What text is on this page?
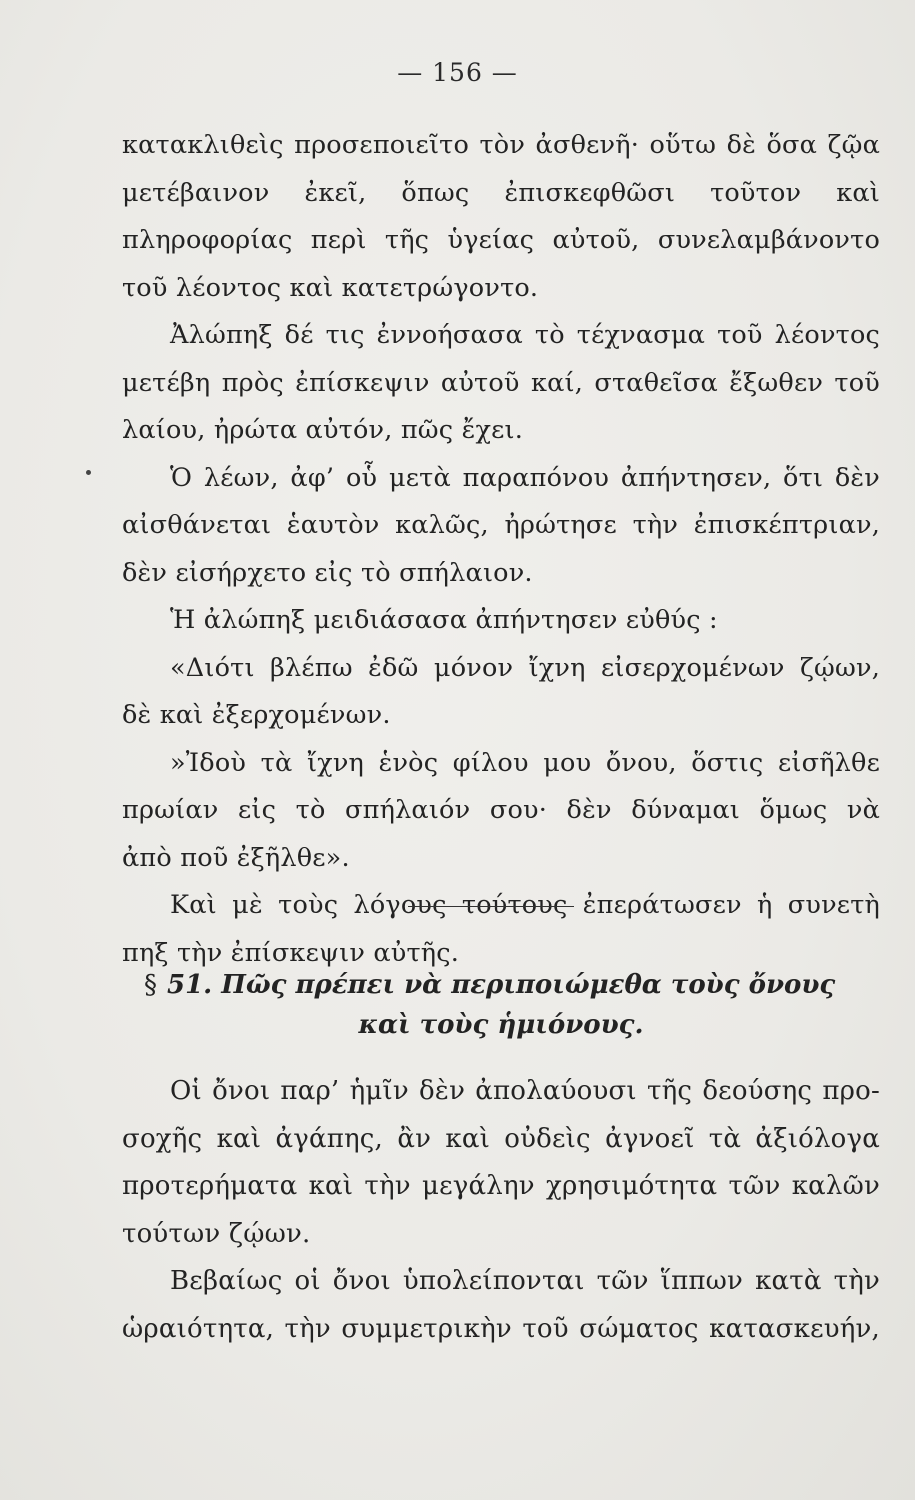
— 156 —
κατακλιθεὶς προσεποιεῖτο τὸν ἀσθενῆ· οὕτω δὲ ὅσα ζῷα
μετέβαινον ἐκεῖ, ὅπως ἐπισκεφθῶσι τοῦτον καὶ
πληροφορίας περὶ τῆς ὑγείας αὐτοῦ, συνελαμβάνοντο
τοῦ λέοντος καὶ κατετρώγοντο.
Ἀλώπηξ δέ τις ἐννοήσασα τὸ τέχνασμα τοῦ λέοντος
μετέβη πρὸς ἐπίσκεψιν αὐτοῦ καί, σταθεῖσα ἔξωθεν τοῦ
λαίου, ἠρώτα αὐτόν, πῶς ἔχει.
Ὁ λέων, ἀφ’ οὗ μετὰ παραπόνου ἀπήντησεν, ὅτι δὲν
αἰσθάνεται ἑαυτὸν καλῶς, ἠρώτησε τὴν ἐπισκέπτριαν,
δὲν εἰσήρχετο εἰς τὸ σπήλαιον.
Ἡ ἀλώπηξ μειδιάσασα ἀπήντησεν εὐθύς :
«Διότι βλέπω ἐδῶ μόνον ἴχνη εἰσερχομένων ζῴων,
δὲ καὶ ἐξερχομένων.
»Ἰδοὺ τὰ ἴχνη ἑνὸς φίλου μου ὄνου, ὅστις εἰσῆλθε
πρωίαν εἰς τὸ σπήλαιόν σου· δὲν δύναμαι ὅμως νὰ
ἀπὸ ποῦ ἐξῆλθε».
Καὶ μὲ τοὺς λόγους τούτους ἐπεράτωσεν ἡ συνετὴ
πηξ τὴν ἐπίσκεψιν αὐτῆς.
§ 51. Πῶς πρέπει νὰ περιποιώμεθα τοὺς ὄνους
καὶ τοὺς ἡμιόνους.
Οἱ ὄνοι παρ’ ἡμῖν δὲν ἀπολαύουσι τῆς δεούσης προ-
σοχῆς καὶ ἀγάπης, ἂν καὶ οὐδεὶς ἀγνοεῖ τὰ ἀξιόλογα
προτερήματα καὶ τὴν μεγάλην χρησιμότητα τῶν καλῶν
τούτων ζῴων.
Βεβαίως οἱ ὄνοι ὑπολείπονται τῶν ἵππων κατὰ τὴν
ὡραιότητα, τὴν συμμετρικὴν τοῦ σώματος κατασκευήν,
